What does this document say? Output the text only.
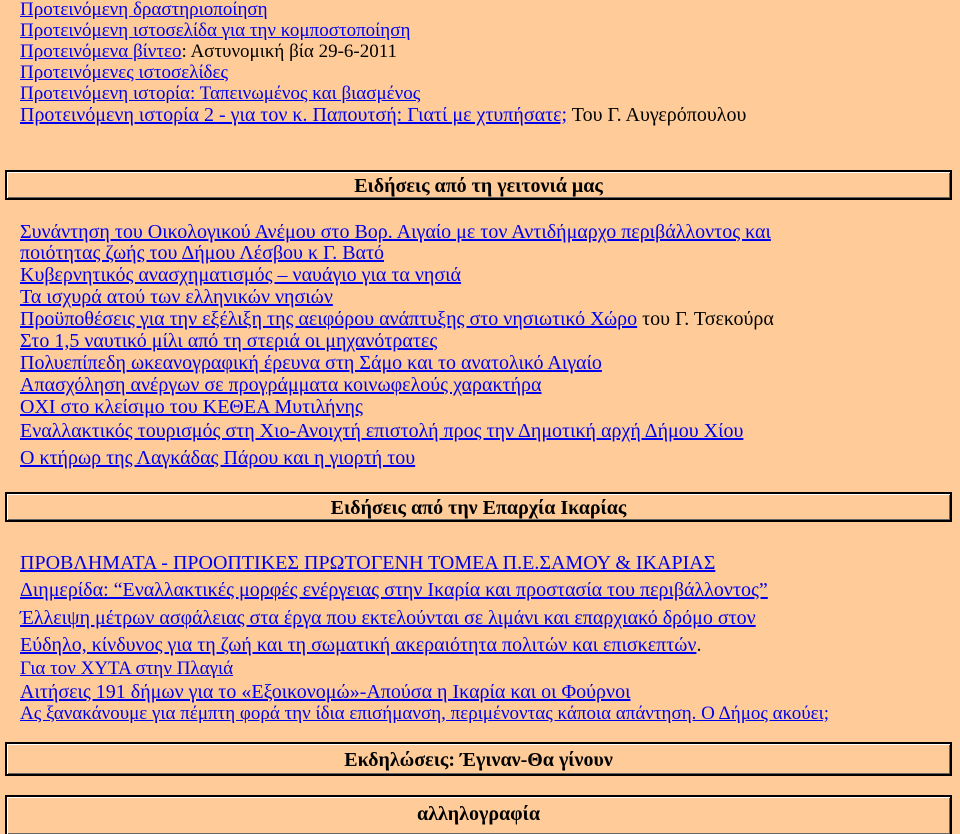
Προτεινόμενη δραστηριοποίηση
Προτεινόμενη ιστοσελίδα για την κομποστοποίηση
Προτεινόμενα βίντεο: Αστυνομική βία 29-6-2011
Προτεινόμενες ιστοσελίδες
Προτεινόμενη ιστορία: Ταπεινωμένος και βιασμένος
Προτεινόμενη ιστορία 2 - για τον κ. Παπουτσή: Γιατί με χτυπήσατε; Του Γ. Αυγερόπουλου
Ειδήσεις από τη γειτονιά μας
Συνάντηση του Οικολογικού Ανέμου στο Βορ. Αιγαίο με τον Αντιδήμαρχο περιβάλλοντος και
ποιότητας ζωής του Δήμου Λέσβου κ Γ. Βατό
Κυβερνητικός ανασχηματισμός – ναυάγιο για τα νησιά
Τα ισχυρά ατού των ελληνικών νησιών
Προϋποθέσεις για την εξέλιξη της αειφόρου ανάπτυξης στο νησιωτικό Χώρο του Γ. Τσεκούρα
Στο 1,5 ναυτικό μίλι από τη στεριά οι μηχανότρατες
Πολυεπίπεδη ωκεανογραφική έρευνα στη Σάμο και το ανατολικό Αιγαίο
Απασχόληση ανέργων σε προγράμματα κοινωφελούς χαρακτήρα
ΟΧΙ στο κλείσιμο του ΚΕΘΕΑ Μυτιλήνης
Εναλλακτικός τουρισμός στη Χιο-Ανοιχτή επιστολή προς την Δημοτική αρχή Δήμου Χίου
Ο κτήρωρ της Λαγκάδας Πάρου και η γιορτή του
Ειδήσεις από την Επαρχία Ικαρίας
ΠΡΟΒΛΗΜΑΤΑ - ΠΡΟΟΠΤΙΚΕΣ ΠΡΩΤΟΓΕΝΗ ΤΟΜΕΑ Π.Ε.ΣΑΜΟΥ & ΙΚΑΡΙΑΣ
Διημερίδα: “Εναλλακτικές μορφές ενέργειας στην Ικαρία και προστασία του περιβάλλοντος”
Έλλειψη μέτρων ασφάλειας στα έργα που εκτελούνται σε λιμάνι και επαρχιακό δρόμο στον
Εύδηλο, κίνδυνος για τη ζωή και τη σωματική ακεραιότητα πολιτών και επισκεπτών.
Για τον ΧΥΤΑ στην Πλαγιά
Αιτήσεις 191 δήμων για το «Εξοικονομώ»-Απούσα η Ικαρία και οι Φούρνοι
Ας ξανακάνουμε για πέμπτη φορά την ίδια επισήμανση, περιμένοντας κάποια απάντηση. Ο Δήμος ακούει;
Εκδηλώσεις: Έγιναν-Θα γίνουν
αλληλογραφία
